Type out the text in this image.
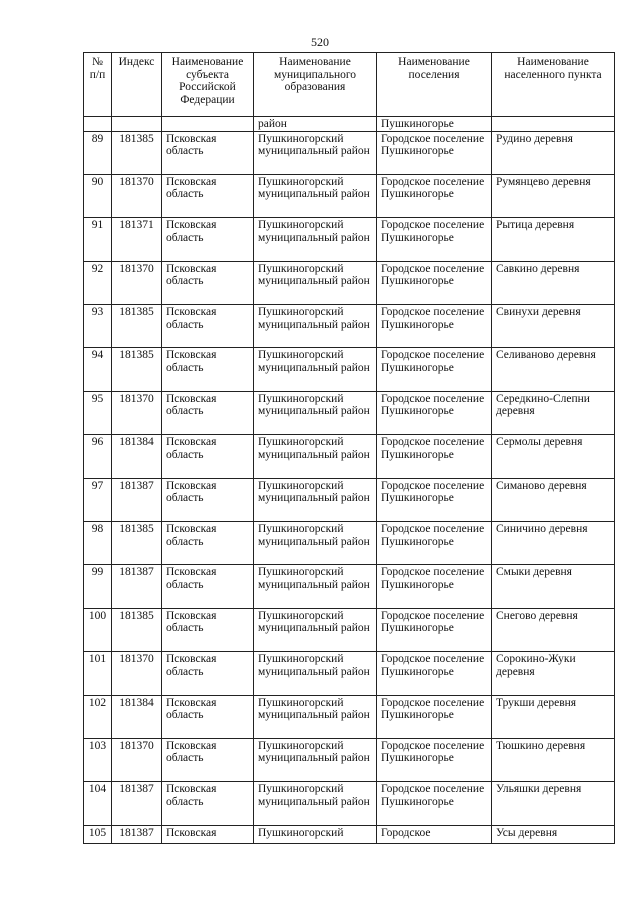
520
№ п/п	Индекс	Наименование субъекта Российской Федерации	Наименование муниципального образования	Наименование поселения	Наименование населенного пункта
			район	Пушкиногорье	
89	181385	Псковская область	Пушкиногорский муниципальный район	Городское поселение Пушкиногорье	Рудино деревня
90	181370	Псковская область	Пушкиногорский муниципальный район	Городское поселение Пушкиногорье	Румянцево деревня
91	181371	Псковская область	Пушкиногорский муниципальный район	Городское поселение Пушкиногорье	Рытица деревня
92	181370	Псковская область	Пушкиногорский муниципальный район	Городское поселение Пушкиногорье	Савкино деревня
93	181385	Псковская область	Пушкиногорский муниципальный район	Городское поселение Пушкиногорье	Свинухи деревня
94	181385	Псковская область	Пушкиногорский муниципальный район	Городское поселение Пушкиногорье	Селиваново деревня
95	181370	Псковская область	Пушкиногорский муниципальный район	Городское поселение Пушкиногорье	Середкино-Слепни деревня
96	181384	Псковская область	Пушкиногорский муниципальный район	Городское поселение Пушкиногорье	Сермолы деревня
97	181387	Псковская область	Пушкиногорский муниципальный район	Городское поселение Пушкиногорье	Симаново деревня
98	181385	Псковская область	Пушкиногорский муниципальный район	Городское поселение Пушкиногорье	Синичино деревня
99	181387	Псковская область	Пушкиногорский муниципальный район	Городское поселение Пушкиногорье	Смыки деревня
100	181385	Псковская область	Пушкиногорский муниципальный район	Городское поселение Пушкиногорье	Снегово деревня
101	181370	Псковская область	Пушкиногорский муниципальный район	Городское поселение Пушкиногорье	Сорокино-Жуки деревня
102	181384	Псковская область	Пушкиногорский муниципальный район	Городское поселение Пушкиногорье	Трукши деревня
103	181370	Псковская область	Пушкиногорский муниципальный район	Городское поселение Пушкиногорье	Тюшкино деревня
104	181387	Псковская область	Пушкиногорский муниципальный район	Городское поселение Пушкиногорье	Ульяшки деревня
105	181387	Псковская	Пушкиногорский	Городское	Усы деревня
